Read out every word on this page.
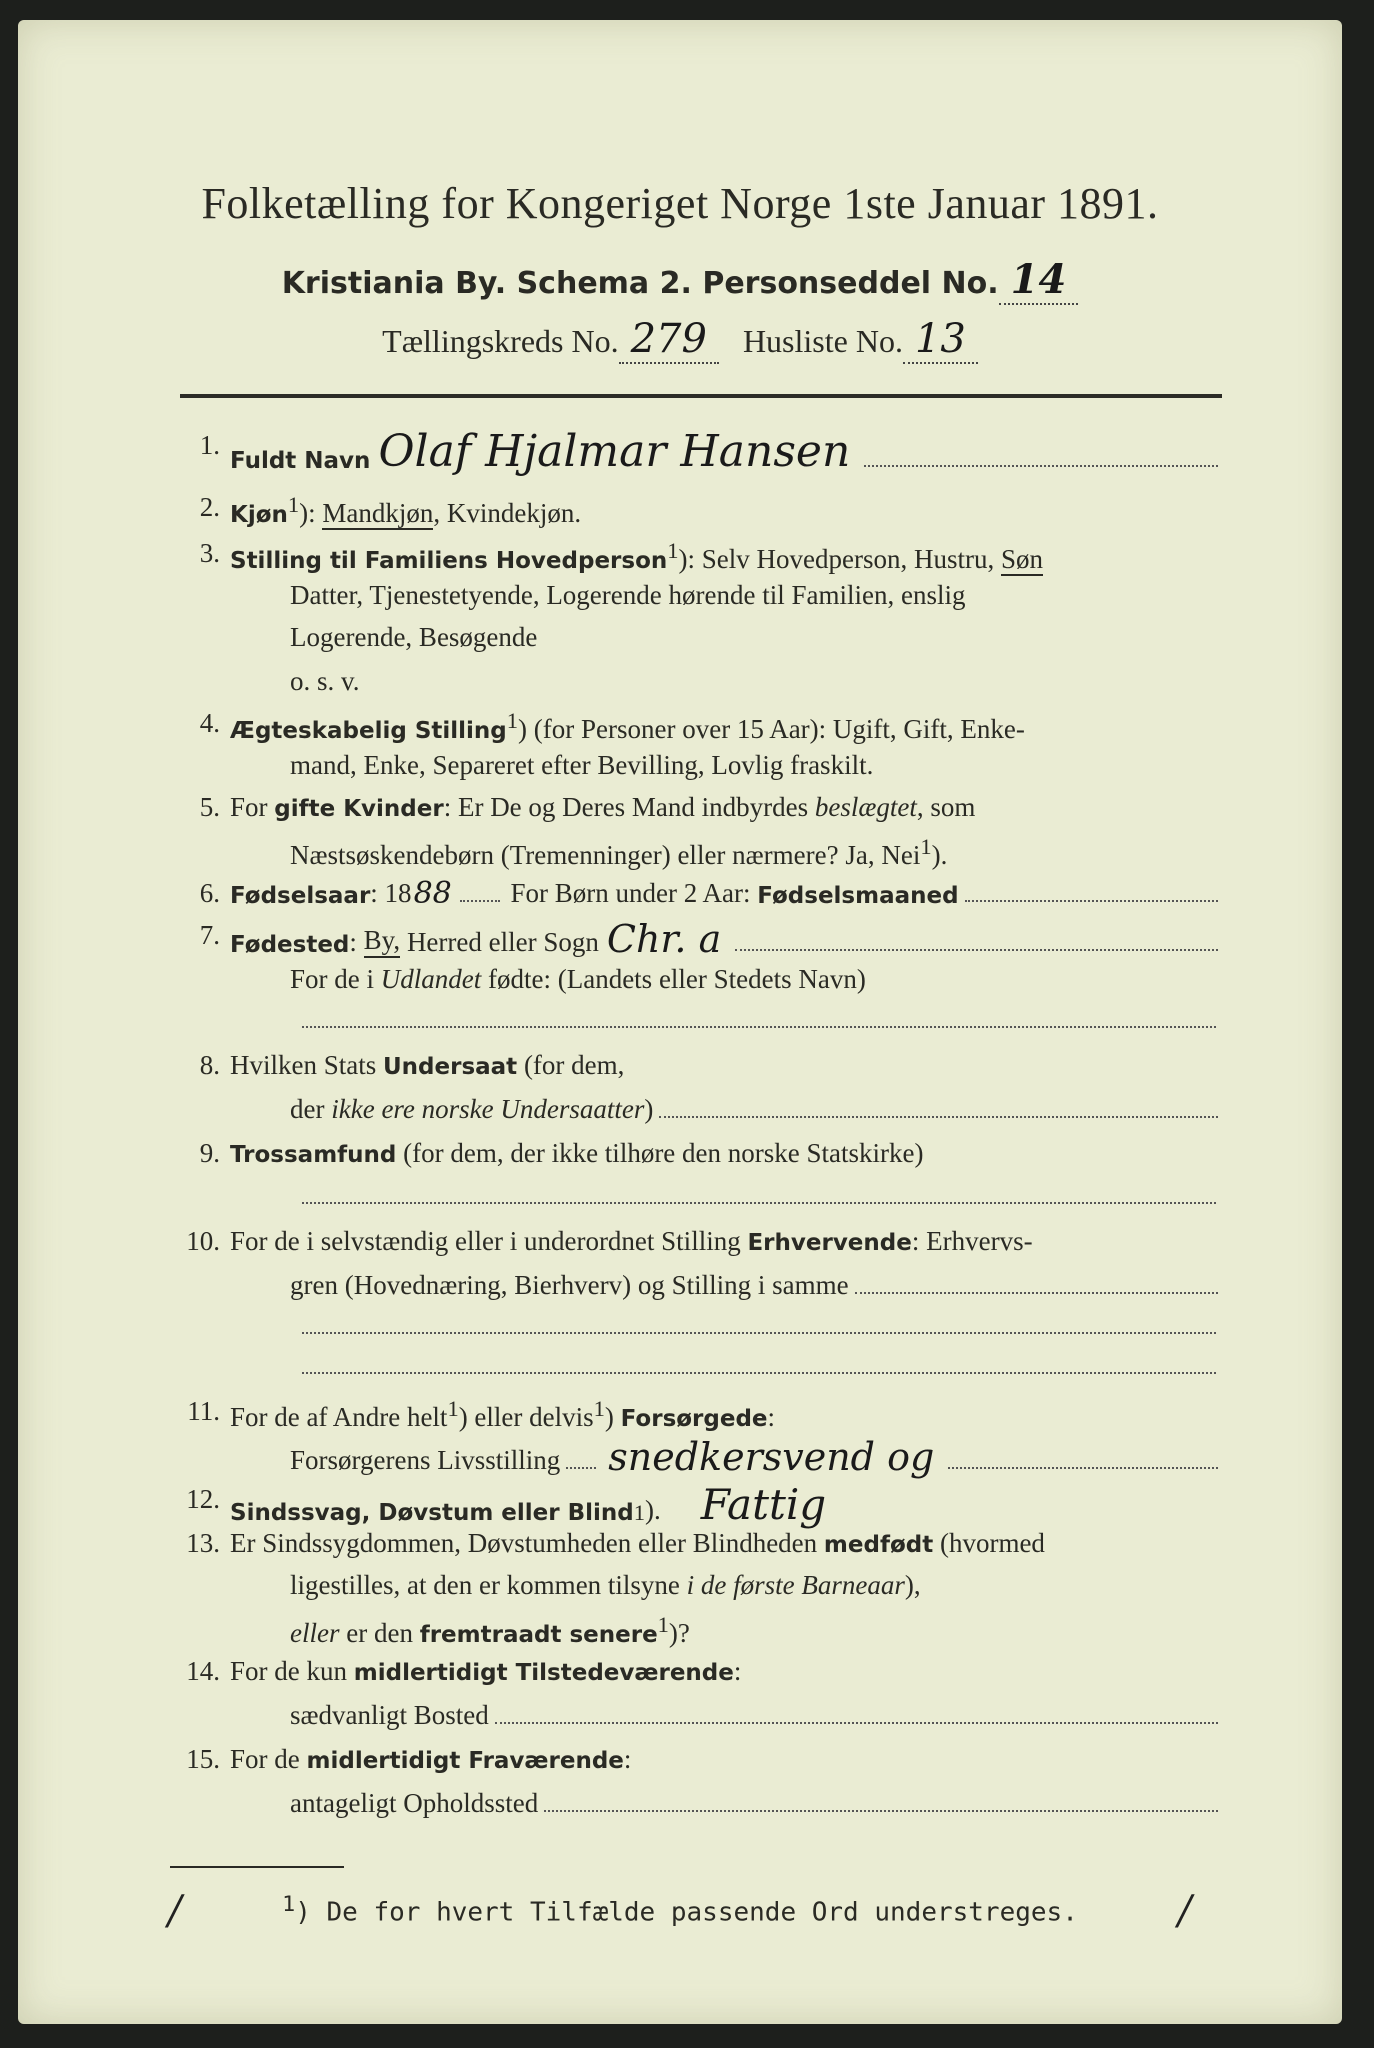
Folketælling for Kongeriget Norge 1ste Januar 1891.
Kristiania By. Schema 2. Personseddel No. 14
Tællingskreds No. 279 Husliste No. 13
1.
Fuldt Navn Olaf Hjalmar Hansen
2. Kjøn$^1$): Mandkjøn, Kvindekjøn.
3. Stilling til Familiens Hovedperson$^1$): Selv Hovedperson, Hustru, Søn
Datter, Tjenestetyende, Logerende hørende til Familien, enslig
Logerende, Besøgende
o. s. v.
4. Ægteskabelig Stilling$^1$) (for Personer over 15 Aar): Ugift, Gift, Enke-
mand, Enke, Separeret efter Bevilling, Lovlig fraskilt.
5. For gifte Kvinder: Er De og Deres Mand indbyrdes beslægtet, som
Næstsøskendebørn (Tremenninger) eller nærmere? Ja, Nei$^1$).
6. Fødselsaar : 18 88 For Børn under 2 Aar: Fødselsmaaned
7. Fødested : By, Herred eller Sogn Chr. a
For de i Udlandet fødte: (Landets eller Stedets Navn)
8. Hvilken Stats Undersaat (for dem,
der ikke ere norske Undersaatter )
9. Trossamfund (for dem, der ikke tilhøre den norske Statskirke)
10. For de i selvstændig eller i underordnet Stilling Erhvervende: Erhvervs-
gren (Hovednæring, Bierhverv) og Stilling i samme
11. For de af Andre helt$^1$) eller delvis$^1$) Forsørgede:
Forsørgerens Livsstilling snedkersvend og
12. Sindssvag, Døvstum eller Blind 1 ). Fattig
13. Er Sindssygdommen, Døvstumheden eller Blindheden medfødt (hvormed
ligestilles, at den er kommen tilsyne i de første Barneaar),
eller er den fremtraadt senere$^1$)?
14. For de kun midlertidigt Tilstedeværende:
sædvanligt Bosted
15. For de midlertidigt Fraværende:
antageligt Opholdssted
$^1$) De for hvert Tilfælde passende Ord understreges.
/	/
